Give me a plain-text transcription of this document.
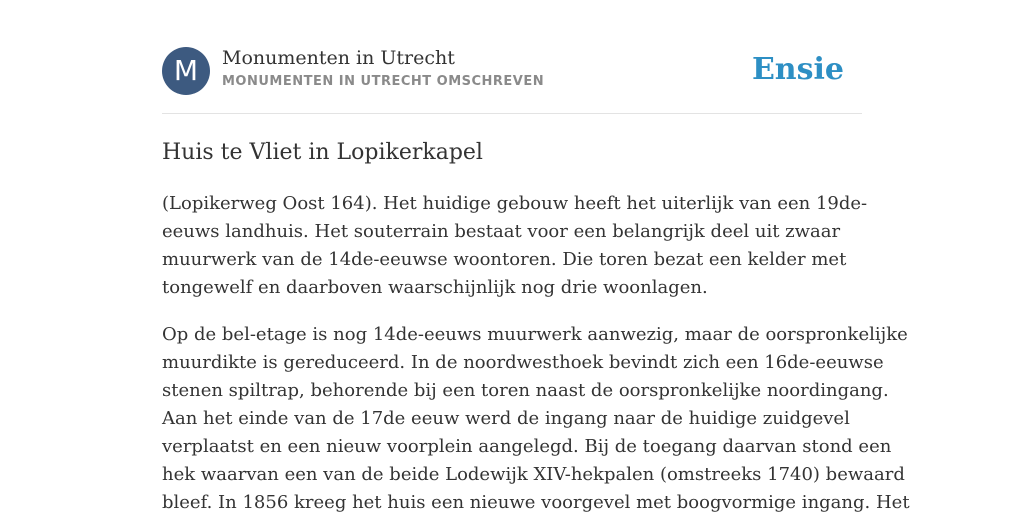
M	Monumenten in Utrecht
MONUMENTEN IN UTRECHT OMSCHREVEN	Ensie
Huis te Vliet in Lopikerkapel

(Lopikerweg Oost 164). Het huidige gebouw heeft het uiterlijk van een 19de-
eeuws landhuis. Het souterrain bestaat voor een belangrijk deel uit zwaar
muurwerk van de 14de-eeuwse woontoren. Die toren bezat een kelder met
tongewelf en daarboven waarschijnlijk nog drie woonlagen.

Op de bel-etage is nog 14de-eeuws muurwerk aanwezig, maar de oorspronkelijke
muurdikte is gereduceerd. In de noordwesthoek bevindt zich een 16de-eeuwse
stenen spiltrap, behorende bij een toren naast de oorspronkelijke noordingang.
Aan het einde van de 17de eeuw werd de ingang naar de huidige zuidgevel
verplaatst en een nieuw voorplein aangelegd. Bij de toegang daarvan stond een
hek waarvan een van de beide Lodewijk XIV-hekpalen (omstreeks 1740) bewaard
bleef. In 1856 kreeg het huis een nieuwe voorgevel met boogvormige ingang. Het
